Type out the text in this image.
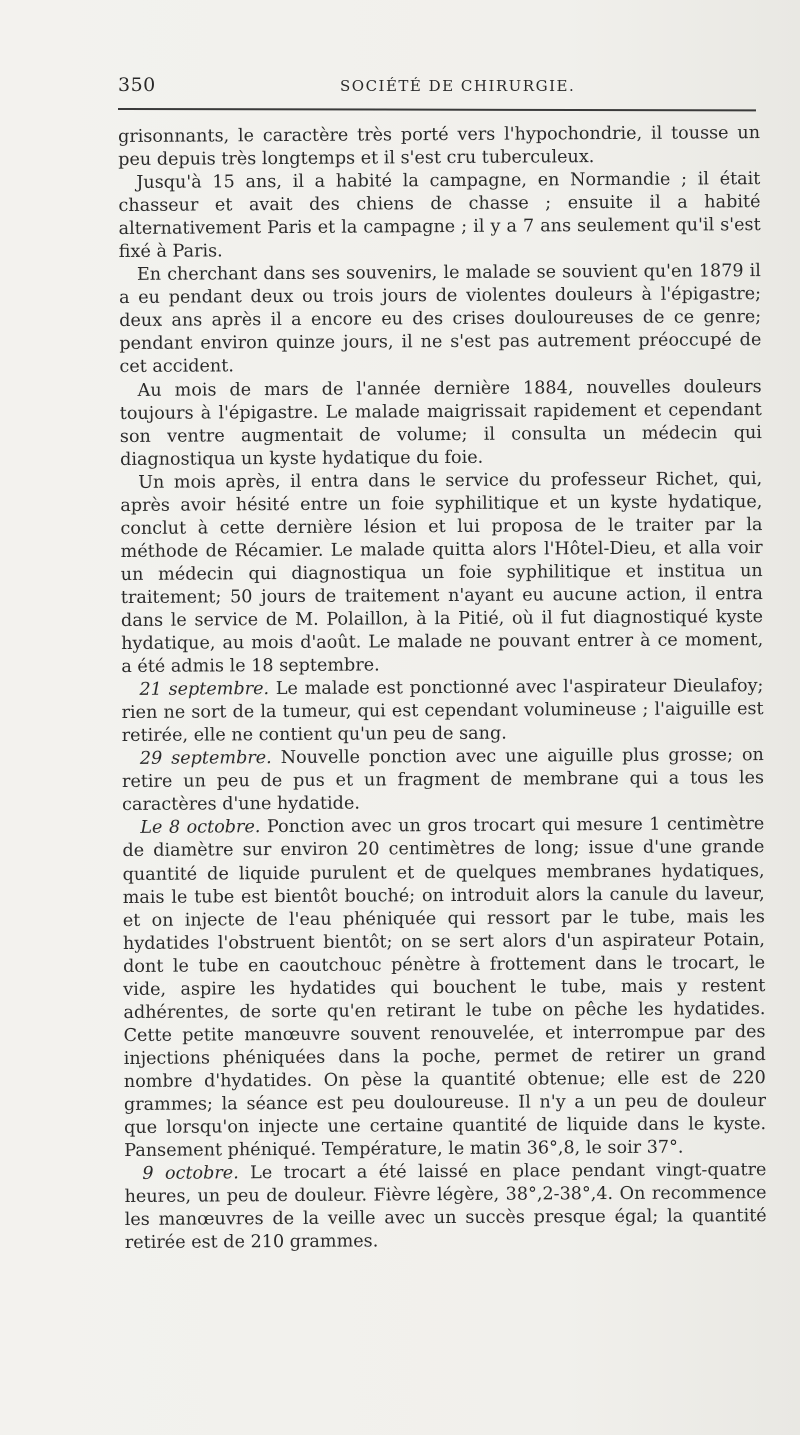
350	SOCIÉTÉ DE CHIRURGIE.

grisonnants, le caractère très porté vers l'hypochondrie, il tousse un peu depuis très longtemps et il s'est cru tuberculeux.

Jusqu'à 15 ans, il a habité la campagne, en Normandie ; il était chasseur et avait des chiens de chasse ; ensuite il a habité alternativement Paris et la campagne ; il y a 7 ans seulement qu'il s'est fixé à Paris.

En cherchant dans ses souvenirs, le malade se souvient qu'en 1879 il a eu pendant deux ou trois jours de violentes douleurs à l'épigastre; deux ans après il a encore eu des crises douloureuses de ce genre; pendant environ quinze jours, il ne s'est pas autrement préoccupé de cet accident.

Au mois de mars de l'année dernière 1884, nouvelles douleurs toujours à l'épigastre. Le malade maigrissait rapidement et cependant son ventre augmentait de volume; il consulta un médecin qui diagnostiqua un kyste hydatique du foie.

Un mois après, il entra dans le service du professeur Richet, qui, après avoir hésité entre un foie syphilitique et un kyste hydatique, conclut à cette dernière lésion et lui proposa de le traiter par la méthode de Récamier. Le malade quitta alors l'Hôtel-Dieu, et alla voir un médecin qui diagnostiqua un foie syphilitique et institua un traitement; 50 jours de traitement n'ayant eu aucune action, il entra dans le service de M. Polaillon, à la Pitié, où il fut diagnostiqué kyste hydatique, au mois d'août. Le malade ne pouvant entrer à ce moment, a été admis le 18 septembre.

21 septembre. Le malade est ponctionné avec l'aspirateur Dieulafoy; rien ne sort de la tumeur, qui est cependant volumineuse ; l'aiguille est retirée, elle ne contient qu'un peu de sang.

29 septembre. Nouvelle ponction avec une aiguille plus grosse; on retire un peu de pus et un fragment de membrane qui a tous les caractères d'une hydatide.

Le 8 octobre. Ponction avec un gros trocart qui mesure 1 centimètre de diamètre sur environ 20 centimètres de long; issue d'une grande quantité de liquide purulent et de quelques membranes hydatiques, mais le tube est bientôt bouché; on introduit alors la canule du laveur, et on injecte de l'eau phéniquée qui ressort par le tube, mais les hydatides l'obstruent bientôt; on se sert alors d'un aspirateur Potain, dont le tube en caoutchouc pénètre à frottement dans le trocart, le vide, aspire les hydatides qui bouchent le tube, mais y restent adhérentes, de sorte qu'en retirant le tube on pêche les hydatides. Cette petite manœuvre souvent renouvelée, et interrompue par des injections phéniquées dans la poche, permet de retirer un grand nombre d'hydatides. On pèse la quantité obtenue; elle est de 220 grammes; la séance est peu douloureuse. Il n'y a un peu de douleur que lorsqu'on injecte une certaine quantité de liquide dans le kyste. Pansement phéniqué. Température, le matin 36°,8, le soir 37°.

9 octobre. Le trocart a été laissé en place pendant vingt-quatre heures, un peu de douleur. Fièvre légère, 38°,2-38°,4. On recommence les manœuvres de la veille avec un succès presque égal; la quantité retirée est de 210 grammes.
